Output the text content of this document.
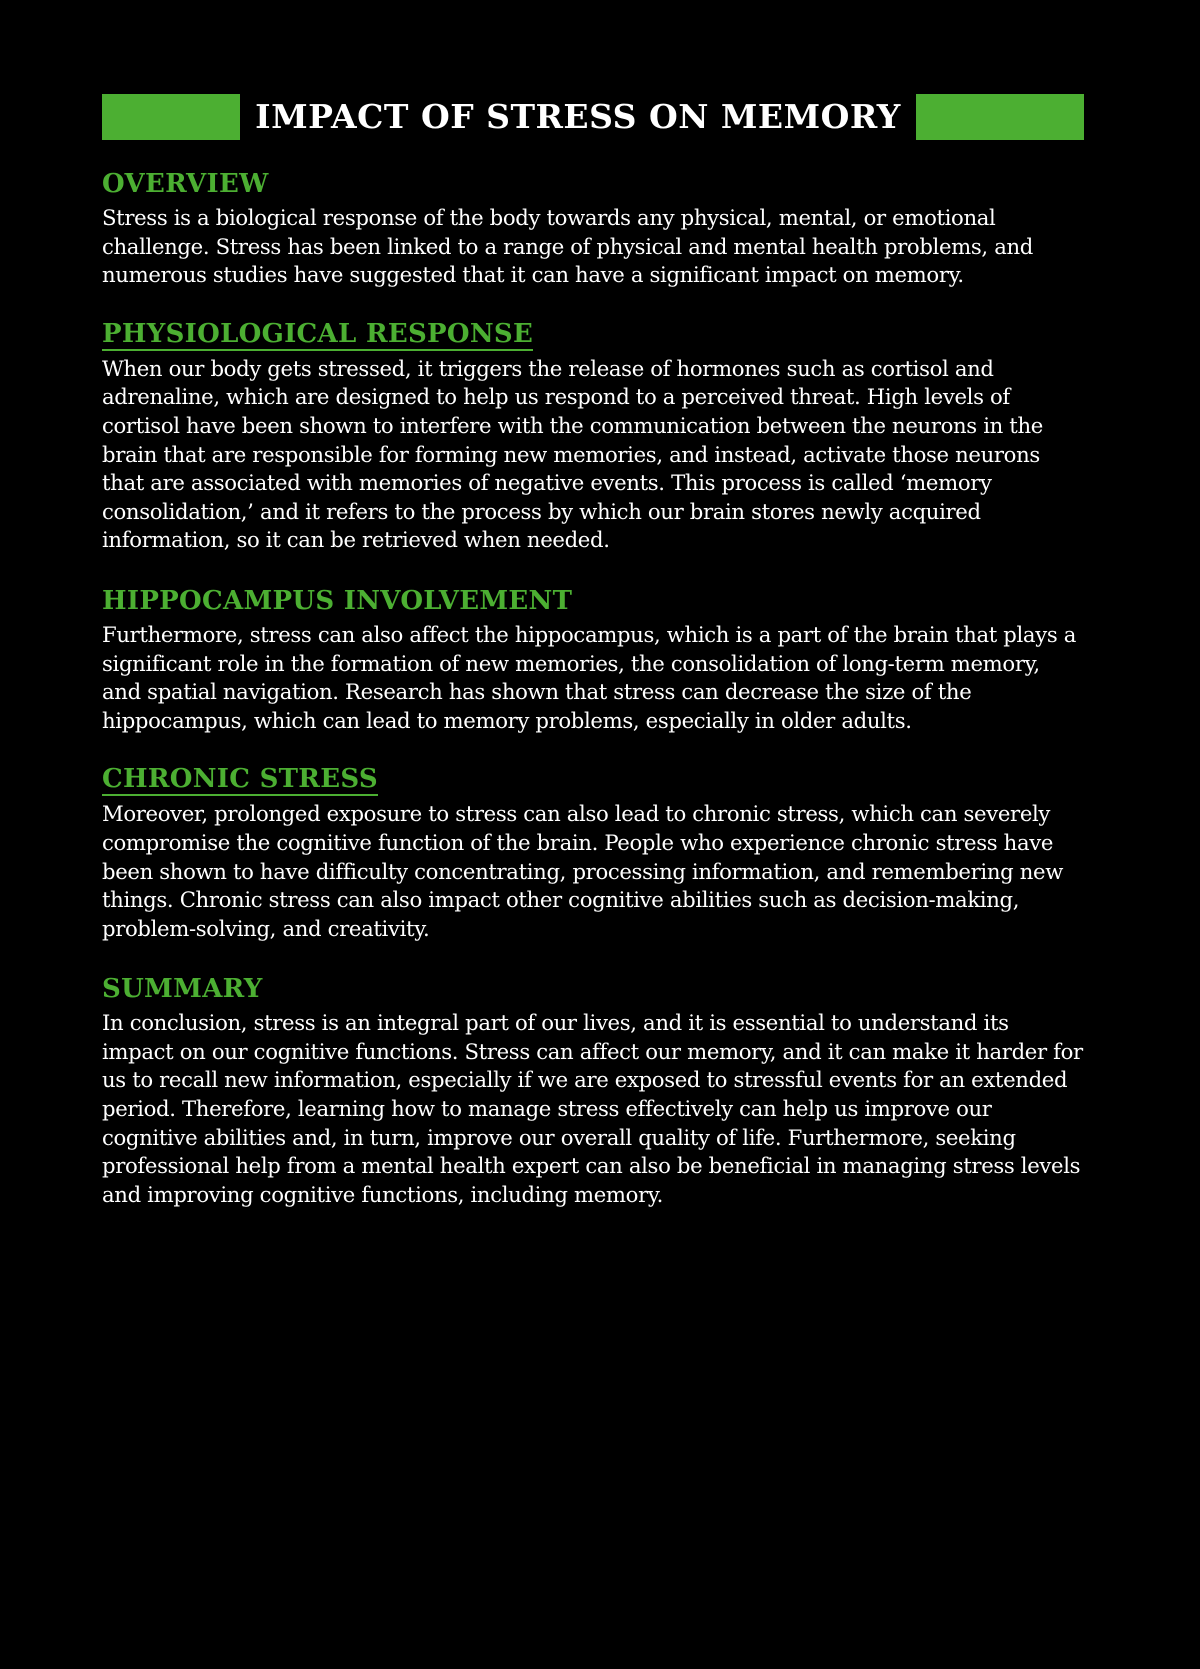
IMPACT OF STRESS ON MEMORY
OVERVIEW

Stress is a biological response of the body towards any physical, mental, or emotional challenge. Stress has been linked to a range of physical and mental health problems, and numerous studies have suggested that it can have a significant impact on memory.

PHYSIOLOGICAL RESPONSE

When our body gets stressed, it triggers the release of hormones such as cortisol and adrenaline, which are designed to help us respond to a perceived threat. High levels of cortisol have been shown to interfere with the communication between the neurons in the brain that are responsible for forming new memories, and instead, activate those neurons that are associated with memories of negative events. This process is called ‘memory consolidation,’ and it refers to the process by which our brain stores newly acquired information, so it can be retrieved when needed.

HIPPOCAMPUS INVOLVEMENT

Furthermore, stress can also affect the hippocampus, which is a part of the brain that plays a significant role in the formation of new memories, the consolidation of long-term memory, and spatial navigation. Research has shown that stress can decrease the size of the hippocampus, which can lead to memory problems, especially in older adults.

CHRONIC STRESS

Moreover, prolonged exposure to stress can also lead to chronic stress, which can severely compromise the cognitive function of the brain. People who experience chronic stress have been shown to have difficulty concentrating, processing information, and remembering new things. Chronic stress can also impact other cognitive abilities such as decision-making, problem-solving, and creativity.

SUMMARY

In conclusion, stress is an integral part of our lives, and it is essential to understand its impact on our cognitive functions. Stress can affect our memory, and it can make it harder for us to recall new information, especially if we are exposed to stressful events for an extended period. Therefore, learning how to manage stress effectively can help us improve our cognitive abilities and, in turn, improve our overall quality of life. Furthermore, seeking professional help from a mental health expert can also be beneficial in managing stress levels and improving cognitive functions, including memory.
